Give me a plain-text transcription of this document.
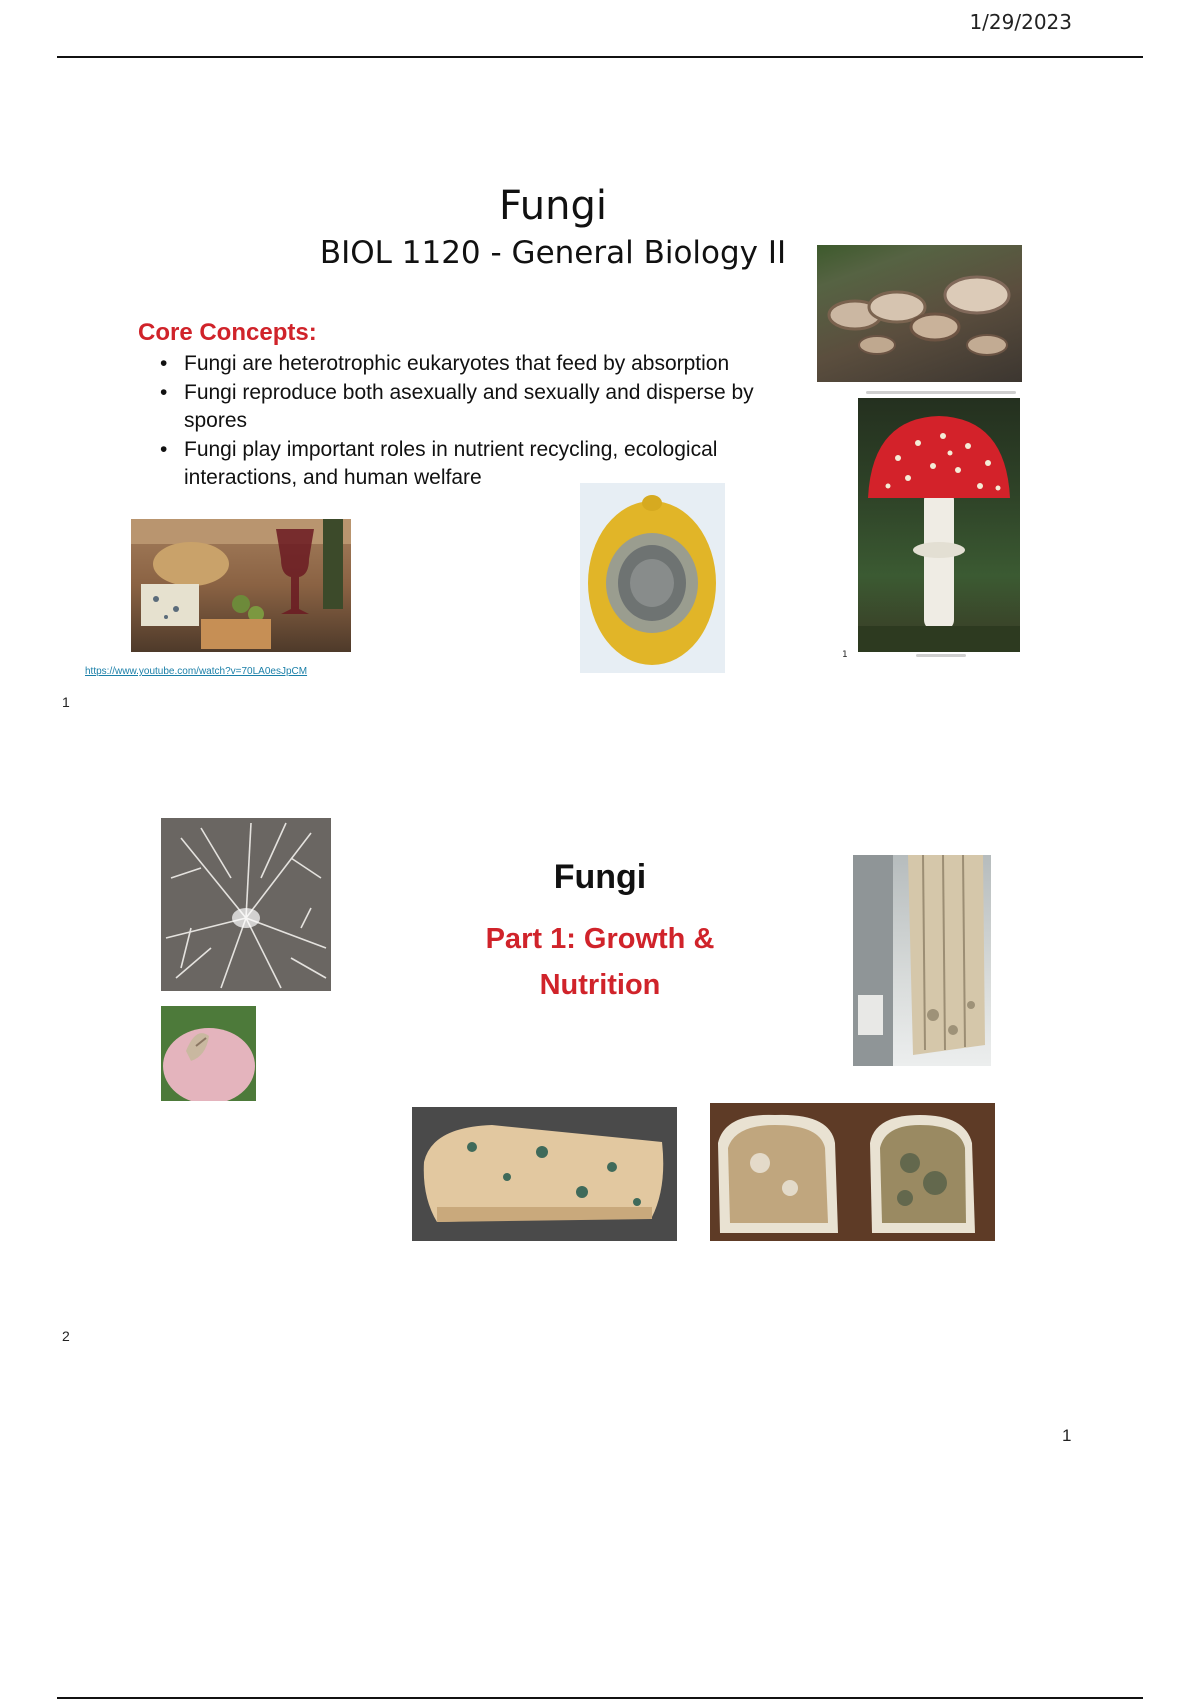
1/29/2023
Fungi
BIOL 1120 - General Biology II
Core Concepts:
• Fungi are heterotrophic eukaryotes that feed by absorption
• Fungi reproduce both asexually and sexually and disperse by spores
• Fungi play important roles in nutrient recycling, ecological interactions, and human welfare
1
https://www.youtube.com/watch?v=70LA0esJpCM
1
Fungi
Part 1: Growth & Nutrition
2
1
